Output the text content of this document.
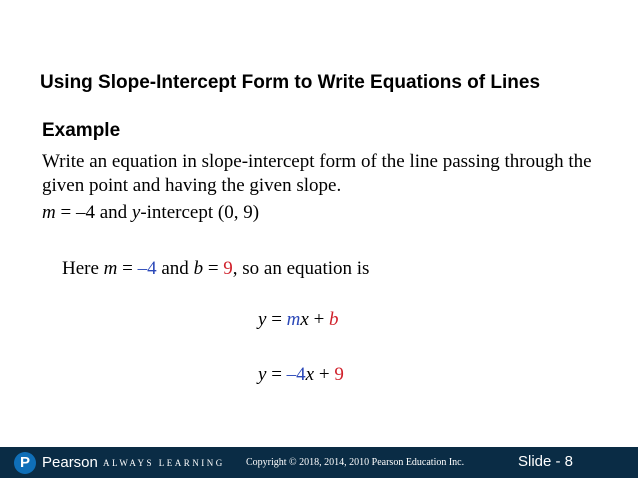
Using Slope-Intercept Form to Write Equations of Lines
Example
Write an equation in slope-intercept form of the line passing through the given point and having the given slope.
m = –4 and y-intercept (0, 9)
Here m = –4 and b = 9, so an equation is
y = mx + b
y = –4x + 9
P Pearson ALWAYS LEARNING Copyright © 2018, 2014, 2010 Pearson Education Inc.	Slide - 8
